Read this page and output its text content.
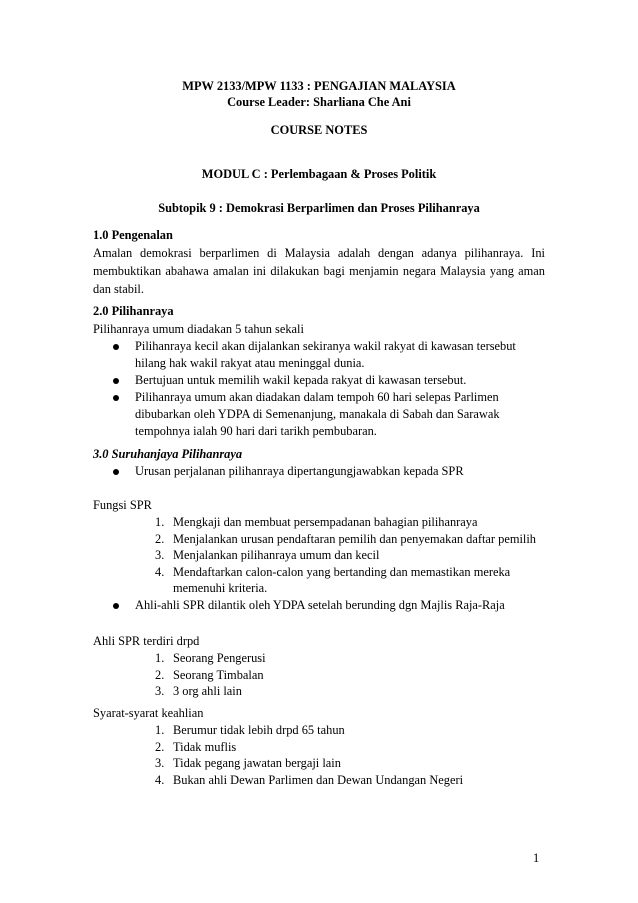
MPW 2133/MPW 1133 : PENGAJIAN MALAYSIA
Course Leader: Sharliana Che Ani
COURSE NOTES
MODUL C : Perlembagaan & Proses Politik
Subtopik 9 : Demokrasi Berparlimen dan Proses Pilihanraya
1.0 Pengenalan
Amalan demokrasi berparlimen di Malaysia adalah dengan adanya pilihanraya. Ini membuktikan abahawa amalan ini dilakukan bagi menjamin negara Malaysia yang aman dan stabil.
2.0 Pilihanraya
Pilihanraya umum diadakan 5 tahun sekali
Pilihanraya kecil akan dijalankan sekiranya wakil rakyat di kawasan tersebut hilang hak wakil rakyat atau meninggal dunia.
Bertujuan untuk memilih wakil kepada rakyat di kawasan tersebut.
Pilihanraya umum akan diadakan dalam tempoh 60 hari selepas Parlimen dibubarkan oleh YDPA di Semenanjung, manakala di Sabah dan Sarawak tempohnya ialah 90 hari dari tarikh pembubaran.
3.0 Suruhanjaya Pilihanraya
Urusan perjalanan pilihanraya dipertangungjawabkan kepada SPR
Fungsi SPR
1. Mengkaji dan membuat persempadanan bahagian pilihanraya
2. Menjalankan urusan pendaftaran pemilih dan penyemakan daftar pemilih
3. Menjalankan pilihanraya umum dan kecil
4. Mendaftarkan calon-calon yang bertanding dan memastikan mereka memenuhi kriteria.
Ahli-ahli SPR dilantik oleh YDPA setelah berunding dgn Majlis Raja-Raja
Ahli SPR terdiri drpd
1. Seorang Pengerusi
2. Seorang Timbalan
3. 3 org ahli lain
Syarat-syarat keahlian
1. Berumur tidak lebih drpd 65 tahun
2. Tidak muflis
3. Tidak pegang jawatan bergaji lain
4. Bukan ahli Dewan Parlimen dan Dewan Undangan Negeri
1
